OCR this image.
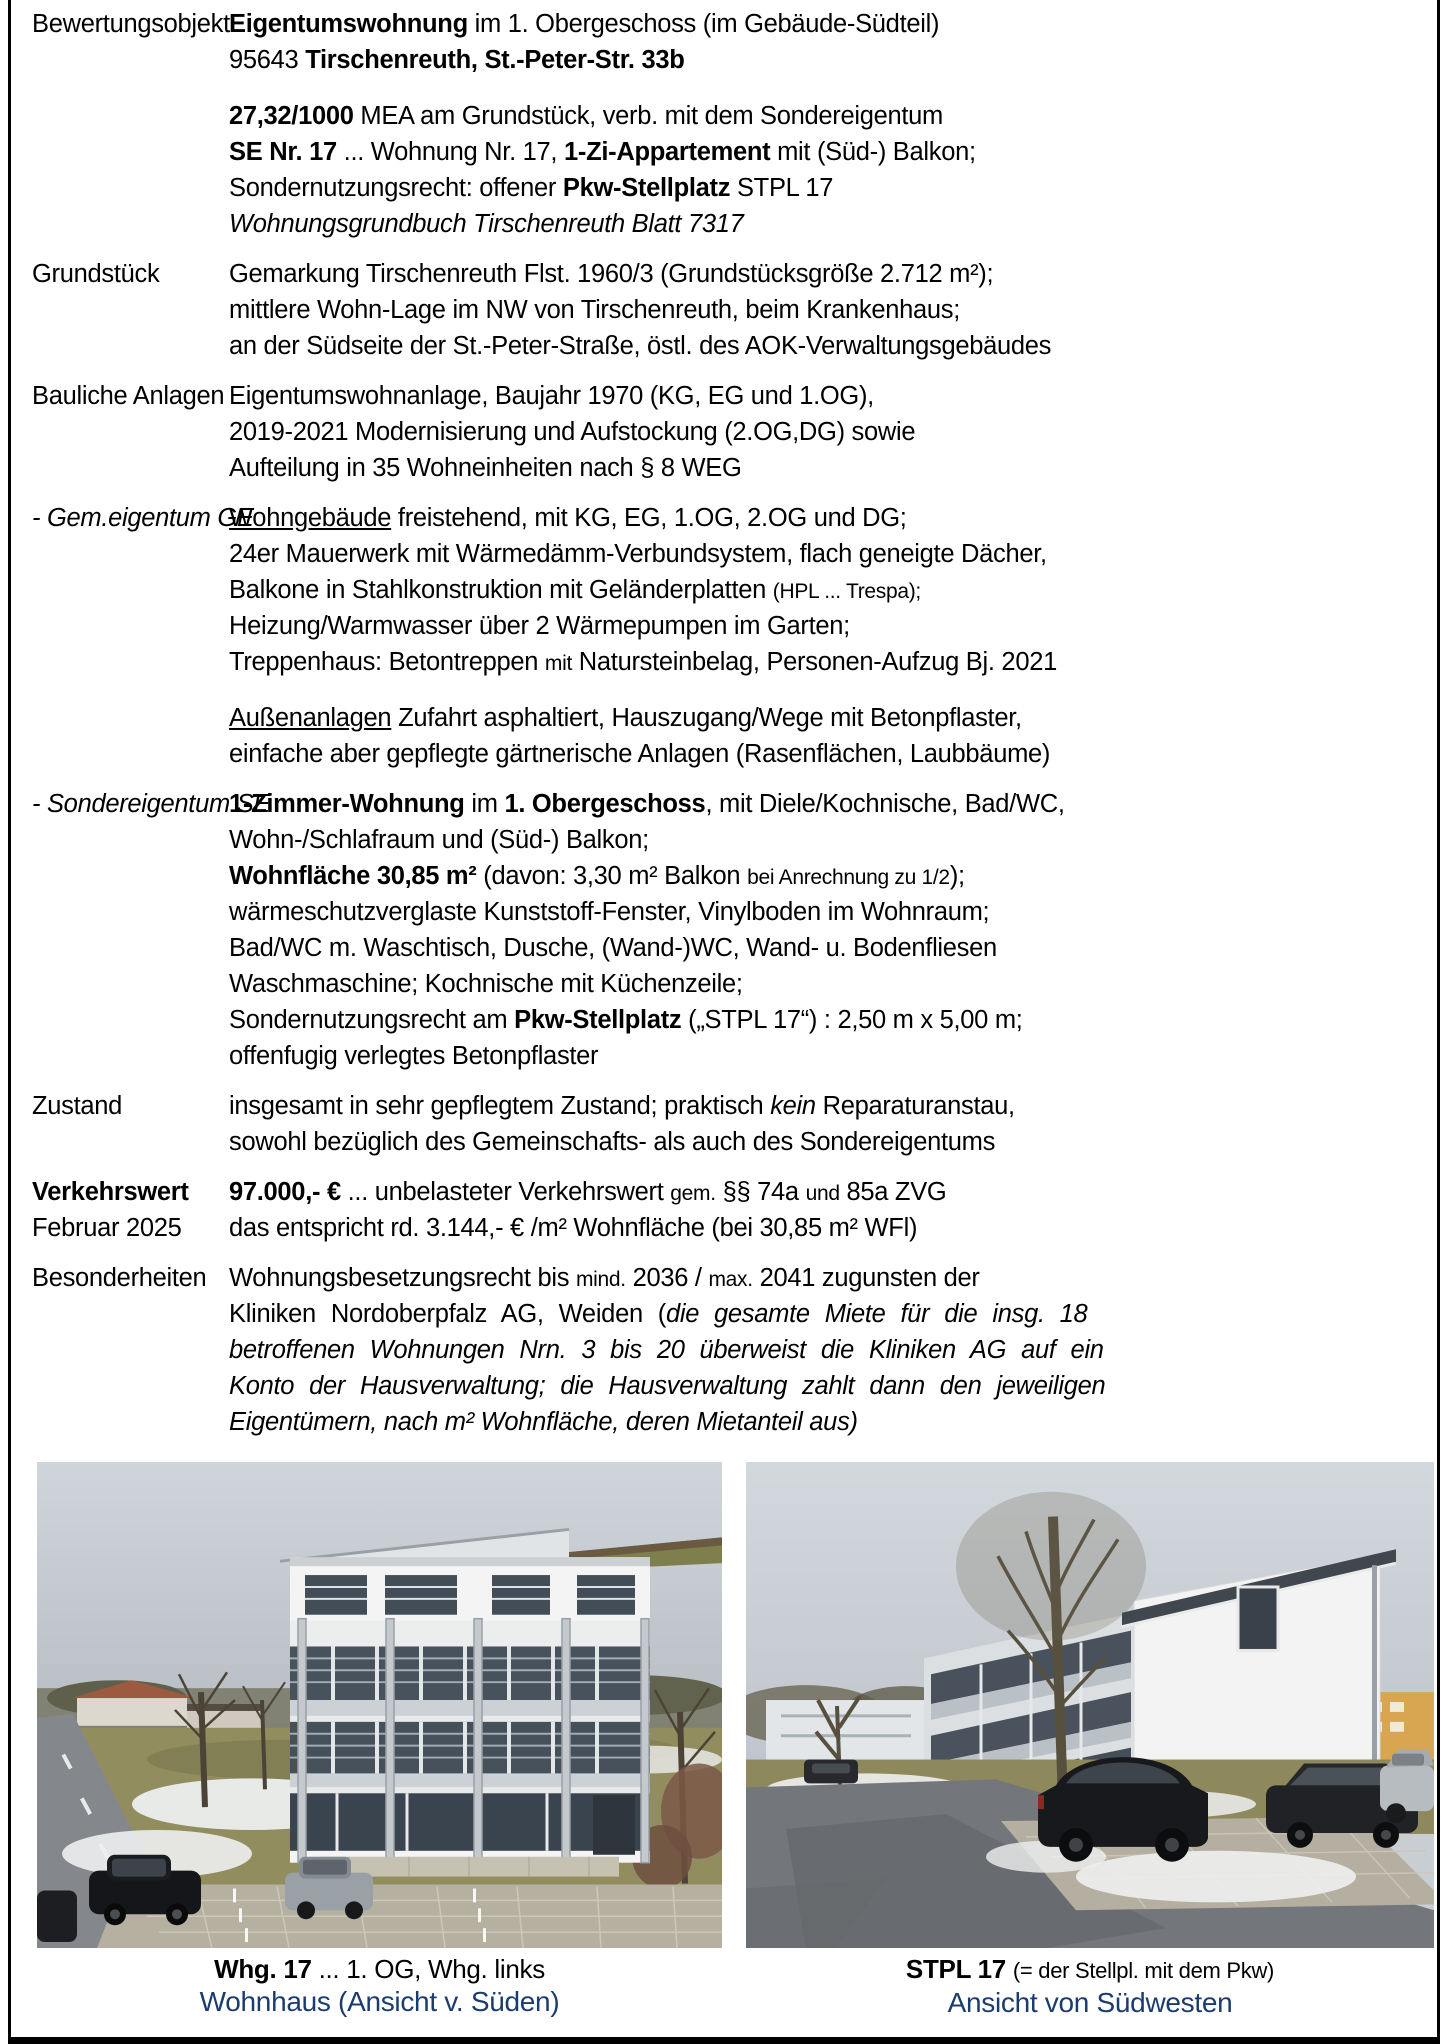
Bewertungsobjekt Eigentumswohnung im 1. Obergeschoss (im Gebäude-Südteil)
95643 Tirschenreuth, St.-Peter-Str. 33b
27,32/1000 MEA am Grundstück, verb. mit dem Sondereigentum
SE Nr. 17 ... Wohnung Nr. 17, 1-Zi-Appartement mit (Süd-) Balkon;
Sondernutzungsrecht: offener Pkw-Stellplatz STPL 17
Wohnungsgrundbuch Tirschenreuth Blatt 7317
Grundstück	Gemarkung Tirschenreuth Flst. 1960/3 (Grundstücksgröße 2.712 m²);
mittlere Wohn-Lage im NW von Tirschenreuth, beim Krankenhaus;
an der Südseite der St.-Peter-Straße, östl. des AOK-Verwaltungsgebäudes
Bauliche Anlagen Eigentumswohnanlage, Baujahr 1970 (KG, EG und 1.OG),
2019-2021 Modernisierung und Aufstockung (2.OG,DG) sowie
Aufteilung in 35 Wohneinheiten nach § 8 WEG
- Gem.eigentum GE
Wohngebäude freistehend, mit KG, EG, 1.OG, 2.OG und DG;
24er Mauerwerk mit Wärmedämm-Verbundsystem, flach geneigte Dächer,
Balkone in Stahlkonstruktion mit Geländerplatten (HPL ... Trespa);
Heizung/Warmwasser über 2 Wärmepumpen im Garten;
Treppenhaus: Betontreppen mit Natursteinbelag, Personen-Aufzug Bj. 2021
Außenanlagen Zufahrt asphaltiert, Hauszugang/Wege mit Betonpflaster,
einfache aber gepflegte gärtnerische Anlagen (Rasenflächen, Laubbäume)
- Sondereigentum SE
1-Zimmer-Wohnung im 1. Obergeschoss, mit Diele/Kochnische, Bad/WC,
Wohn-/Schlafraum und (Süd-) Balkon;
Wohnfläche 30,85 m² (davon: 3,30 m² Balkon bei Anrechnung zu 1/2);
wärmeschutzverglaste Kunststoff-Fenster, Vinylboden im Wohnraum;
Bad/WC m. Waschtisch, Dusche, (Wand-)WC, Wand- u. Bodenfliesen
Waschmaschine; Kochnische mit Küchenzeile;
Sondernutzungsrecht am Pkw-Stellplatz („STPL 17“) : 2,50 m x 5,00 m;
offenfugig verlegtes Betonpflaster
Zustand	insgesamt in sehr gepflegtem Zustand; praktisch kein Reparaturanstau,
sowohl bezüglich des Gemeinschafts- als auch des Sondereigentums
Verkehrswert
Februar 2025
97.000,- € ... unbelasteter Verkehrswert gem. §§ 74a und 85a ZVG
das entspricht rd. 3.144,- € /m² Wohnfläche (bei 30,85 m² WFl)
Besonderheiten Wohnungsbesetzungsrecht bis mind. 2036 / max. 2041 zugunsten der
Kliniken Nordoberpfalz AG, Weiden (die gesamte Miete für die insg. 18
betroffenen Wohnungen Nrn. 3 bis 20 überweist die Kliniken AG auf ein
Konto der Hausverwaltung; die Hausverwaltung zahlt dann den jeweiligen
Eigentümern, nach m² Wohnfläche, deren Mietanteil aus)
Whg. 17 ... 1. OG, Whg. links
Wohnhaus (Ansicht v. Süden)
STPL 17 (= der Stellpl. mit dem Pkw)
Ansicht von Südwesten
